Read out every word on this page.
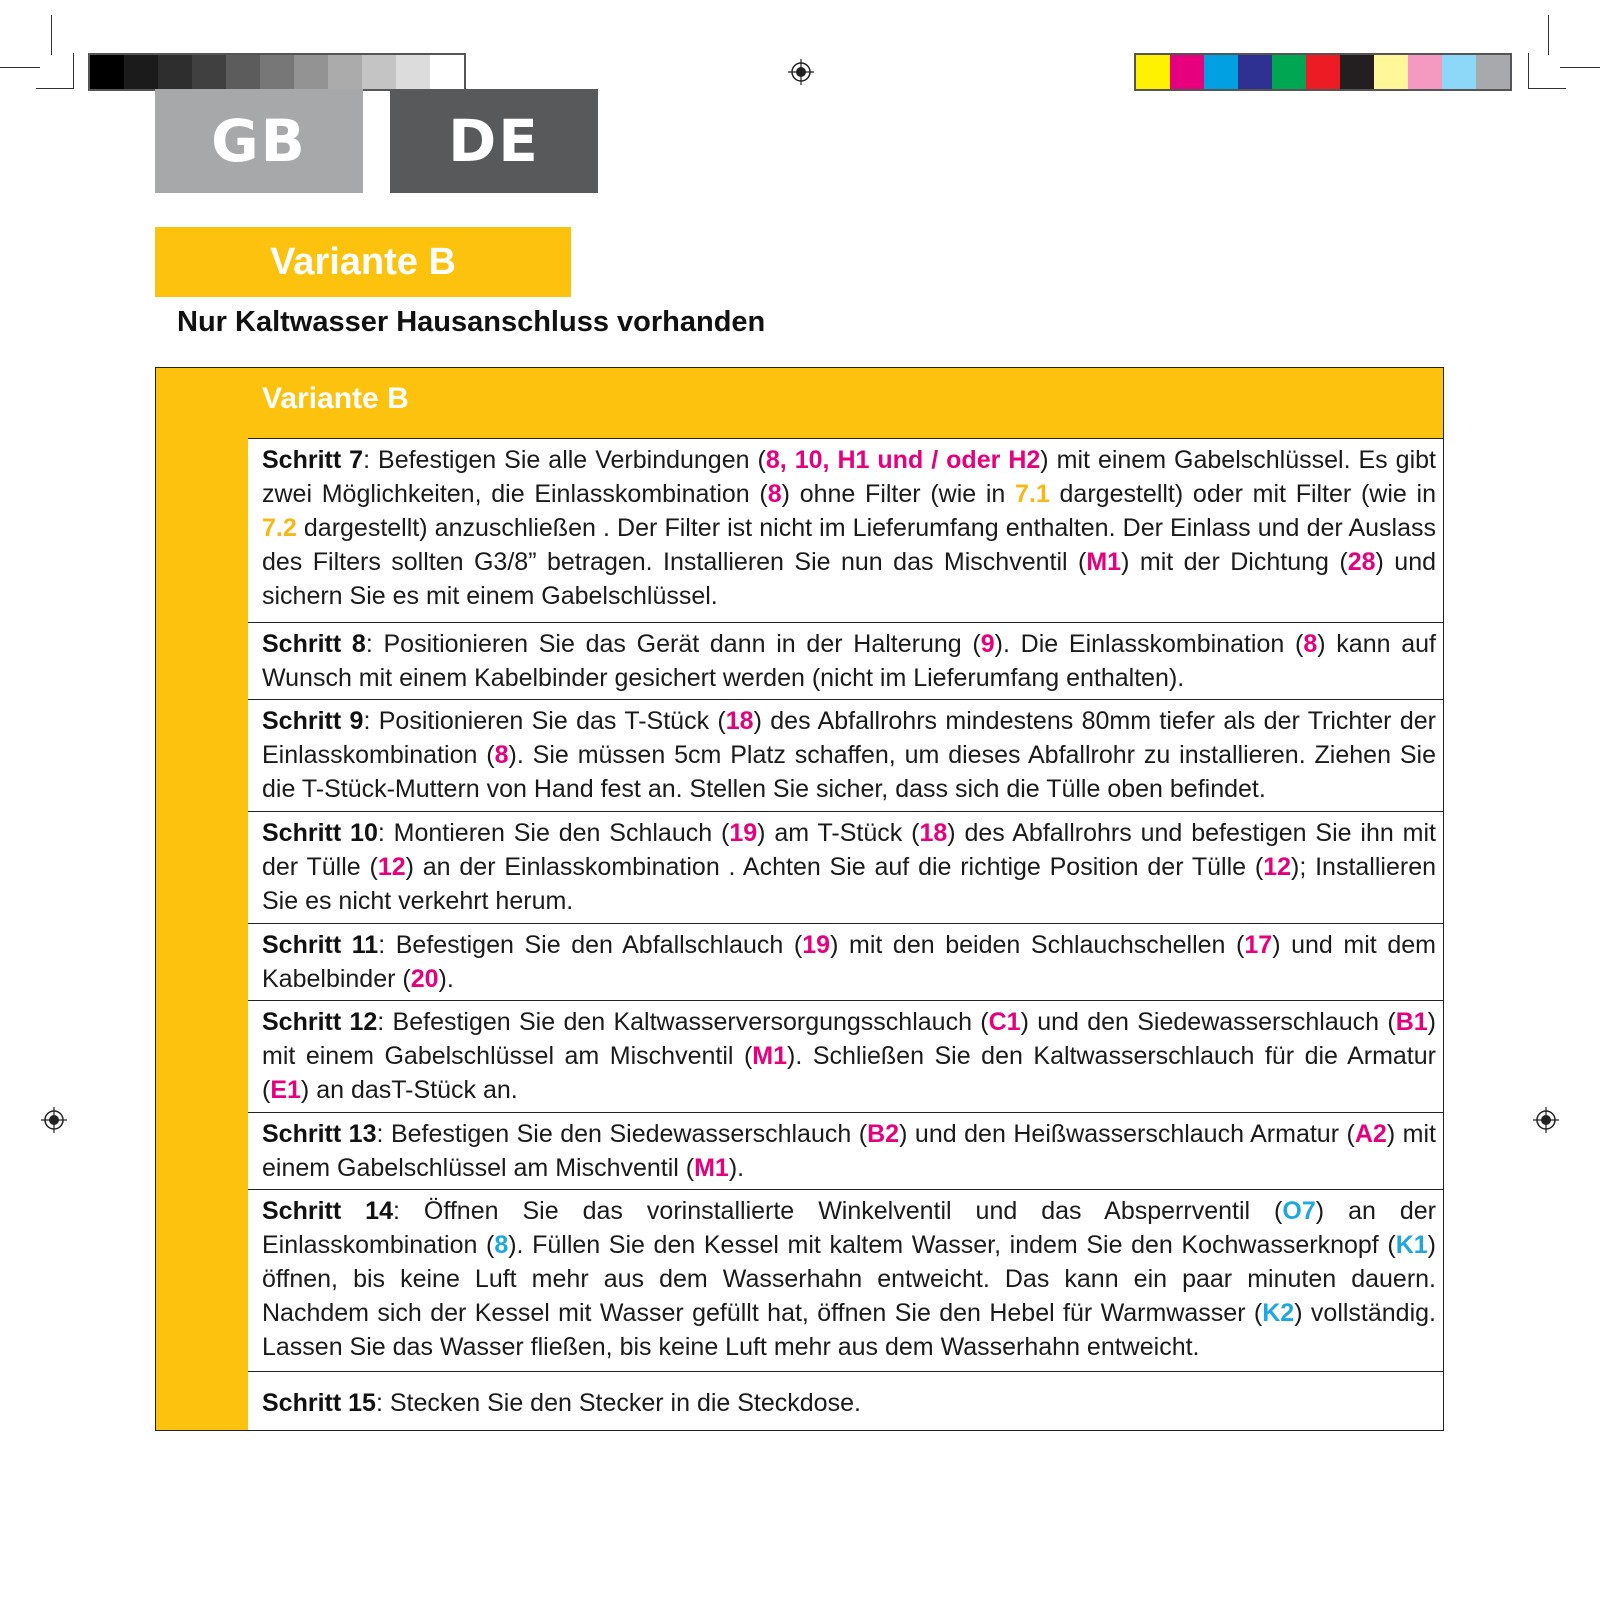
GB	DE
Variante B
Nur Kaltwasser Hausanschluss vorhanden
Variante B
Schritt 7: Befestigen Sie alle Verbindungen (8, 10, H1 und / oder H2) mit einem Gabelschlüssel. Es gibt zwei Möglichkeiten, die Einlasskombination (8) ohne Filter (wie in 7.1 dargestellt) oder mit Filter (wie in 7.2 dargestellt) anzuschließen . Der Filter ist nicht im Lieferumfang enthalten. Der Einlass und der Auslass des Filters sollten G3/8” betragen. Installieren Sie nun das Mischventil (M1) mit der Dichtung (28) und sichern Sie es mit einem Gabelschlüssel.
Schritt 8: Positionieren Sie das Gerät dann in der Halterung (9). Die Einlasskombination (8) kann auf Wunsch mit einem Kabelbinder gesichert werden (nicht im Lieferumfang enthalten).
Schritt 9: Positionieren Sie das T-Stück (18) des Abfallrohrs mindestens 80mm tiefer als der Trichter der Einlasskombination (8). Sie müssen 5cm Platz schaffen, um dieses Abfallrohr zu installieren. Ziehen Sie die T-Stück-Muttern von Hand fest an. Stellen Sie sicher, dass sich die Tülle oben befindet.
Schritt 10: Montieren Sie den Schlauch (19) am T-Stück (18) des Abfallrohrs und befestigen Sie ihn mit der Tülle (12) an der Einlasskombination . Achten Sie auf die richtige Position der Tülle (12); Installieren Sie es nicht verkehrt herum.
Schritt 11: Befestigen Sie den Abfallschlauch (19) mit den beiden Schlauchschellen (17) und mit dem Kabelbinder (20).
Schritt 12: Befestigen Sie den Kaltwasserversorgungsschlauch (C1) und den Siedewasserschlauch (B1) mit einem Gabelschlüssel am Mischventil (M1). Schließen Sie den Kaltwasserschlauch für die Armatur (E1) an dasT-Stück an.
Schritt 13: Befestigen Sie den Siedewasserschlauch (B2) und den Heißwasserschlauch Armatur (A2) mit einem Gabelschlüssel am Mischventil (M1).
Schritt 14: Öffnen Sie das vorinstallierte Winkelventil und das Absperrventil (O7) an der Einlasskombination (8). Füllen Sie den Kessel mit kaltem Wasser, indem Sie den Kochwasserknopf (K1) öffnen, bis keine Luft mehr aus dem Wasserhahn entweicht. Das kann ein paar minuten dauern. Nachdem sich der Kessel mit Wasser gefüllt hat, öffnen Sie den Hebel für Warmwasser (K2) vollständig. Lassen Sie das Wasser fließen, bis keine Luft mehr aus dem Wasserhahn entweicht.
Schritt 15: Stecken Sie den Stecker in die Steckdose.
